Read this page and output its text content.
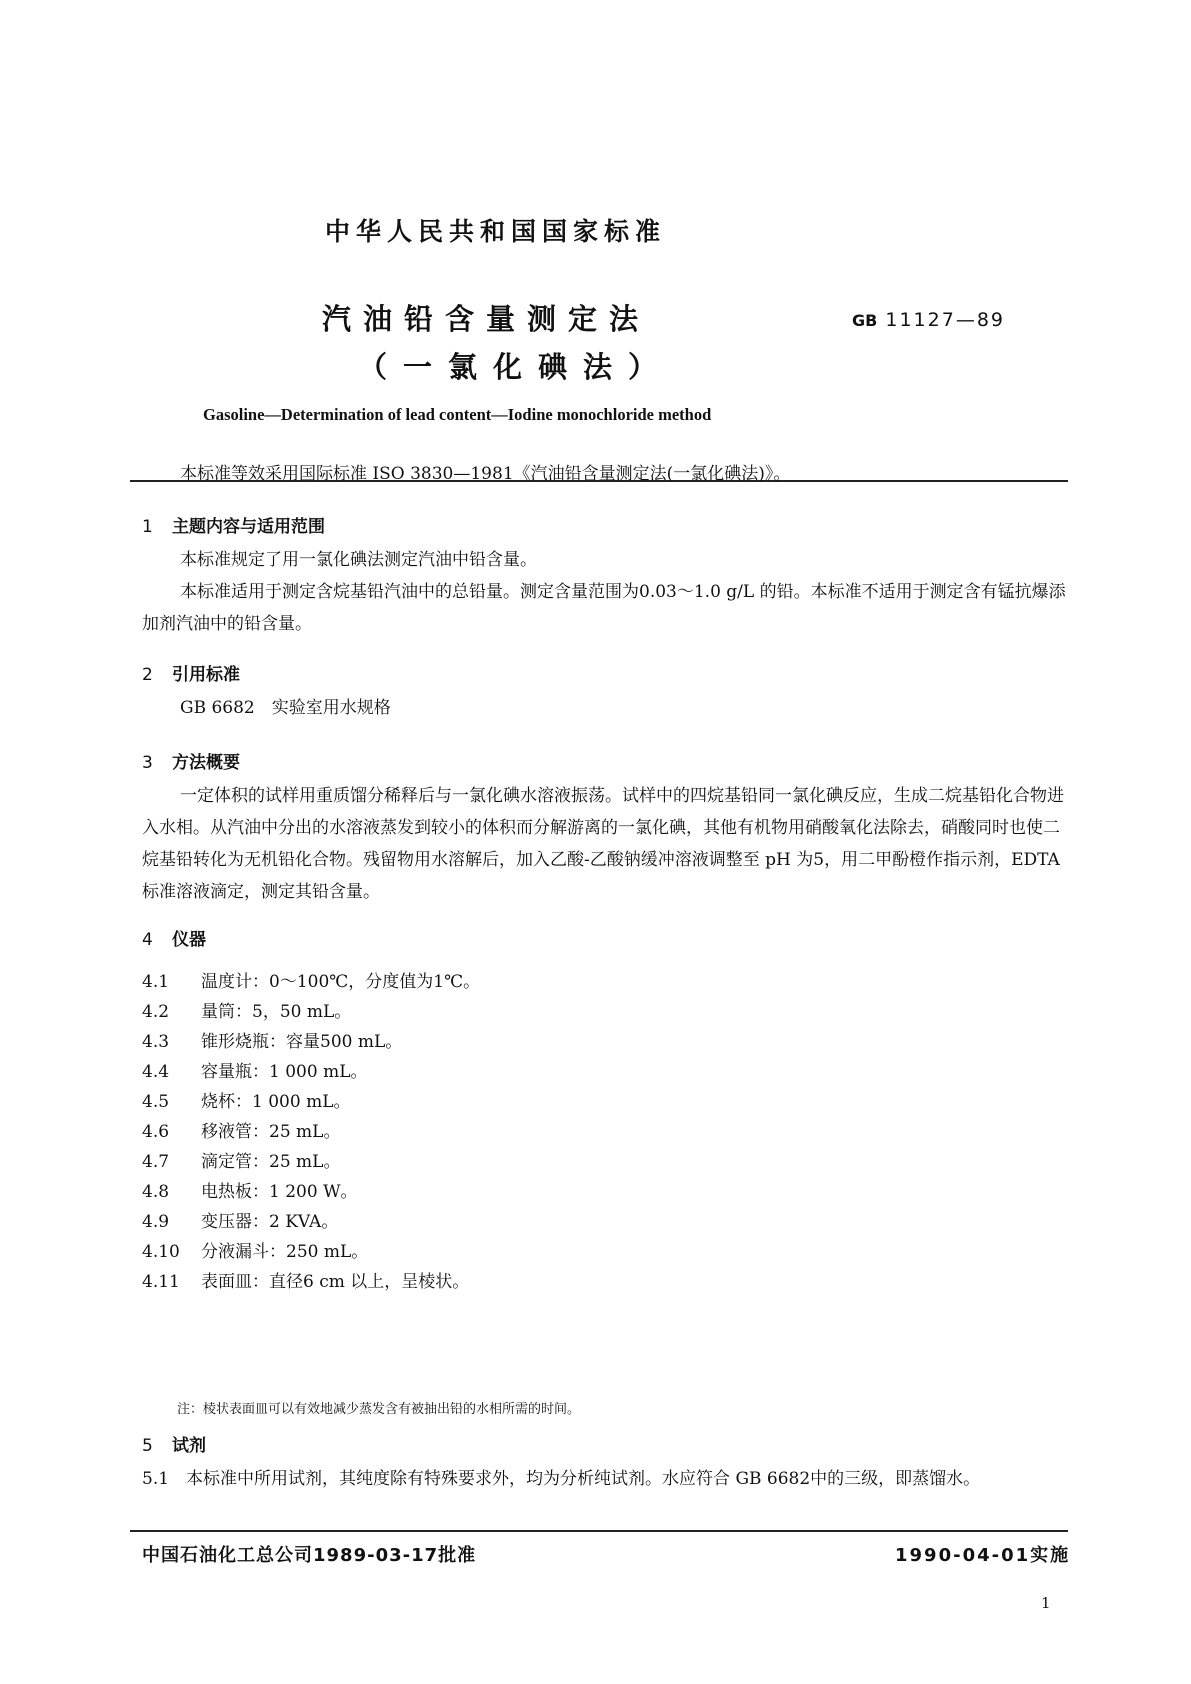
中华人民共和国国家标准
汽油铅含量测定法
（一氯化碘法）
GB 11127—89
Gasoline—Determination of lead content—Iodine monochloride method
本标准等效采用国际标准 ISO 3830—1981《汽油铅含量测定法(一氯化碘法)》。
1 主题内容与适用范围
本标准规定了用一氯化碘法测定汽油中铅含量。
本标准适用于测定含烷基铅汽油中的总铅量。测定含量范围为0.03～1.0 g/L 的铅。本标准不适用于测定含有锰抗爆添加剂汽油中的铅含量。
2 引用标准
GB 6682　实验室用水规格
3 方法概要
一定体积的试样用重质馏分稀释后与一氯化碘水溶液振荡。试样中的四烷基铅同一氯化碘反应，生成二烷基铅化合物进入水相。从汽油中分出的水溶液蒸发到较小的体积而分解游离的一氯化碘，其他有机物用硝酸氧化法除去，硝酸同时也使二烷基铅转化为无机铅化合物。残留物用水溶解后，加入乙酸-乙酸钠缓冲溶液调整至 pH 为5，用二甲酚橙作指示剂，EDTA 标准溶液滴定，测定其铅含量。
4 仪器
4.1 温度计：0～100℃，分度值为1℃。
4.2 量筒：5，50 mL。
4.3 锥形烧瓶：容量500 mL。
4.4 容量瓶：1 000 mL。
4.5 烧杯：1 000 mL。
4.6 移液管：25 mL。
4.7 滴定管：25 mL。
4.8 电热板：1 200 W。
4.9 变压器：2 KVA。
4.10 分液漏斗：250 mL。
4.11 表面皿：直径6 cm 以上，呈棱状。
注：棱状表面皿可以有效地减少蒸发含有被抽出铅的水相所需的时间。
5 试剂
5.1　本标准中所用试剂，其纯度除有特殊要求外，均为分析纯试剂。水应符合 GB 6682中的三级，即蒸馏水。
中国石油化工总公司1989-03-17批准	1990-04-01实施
1
